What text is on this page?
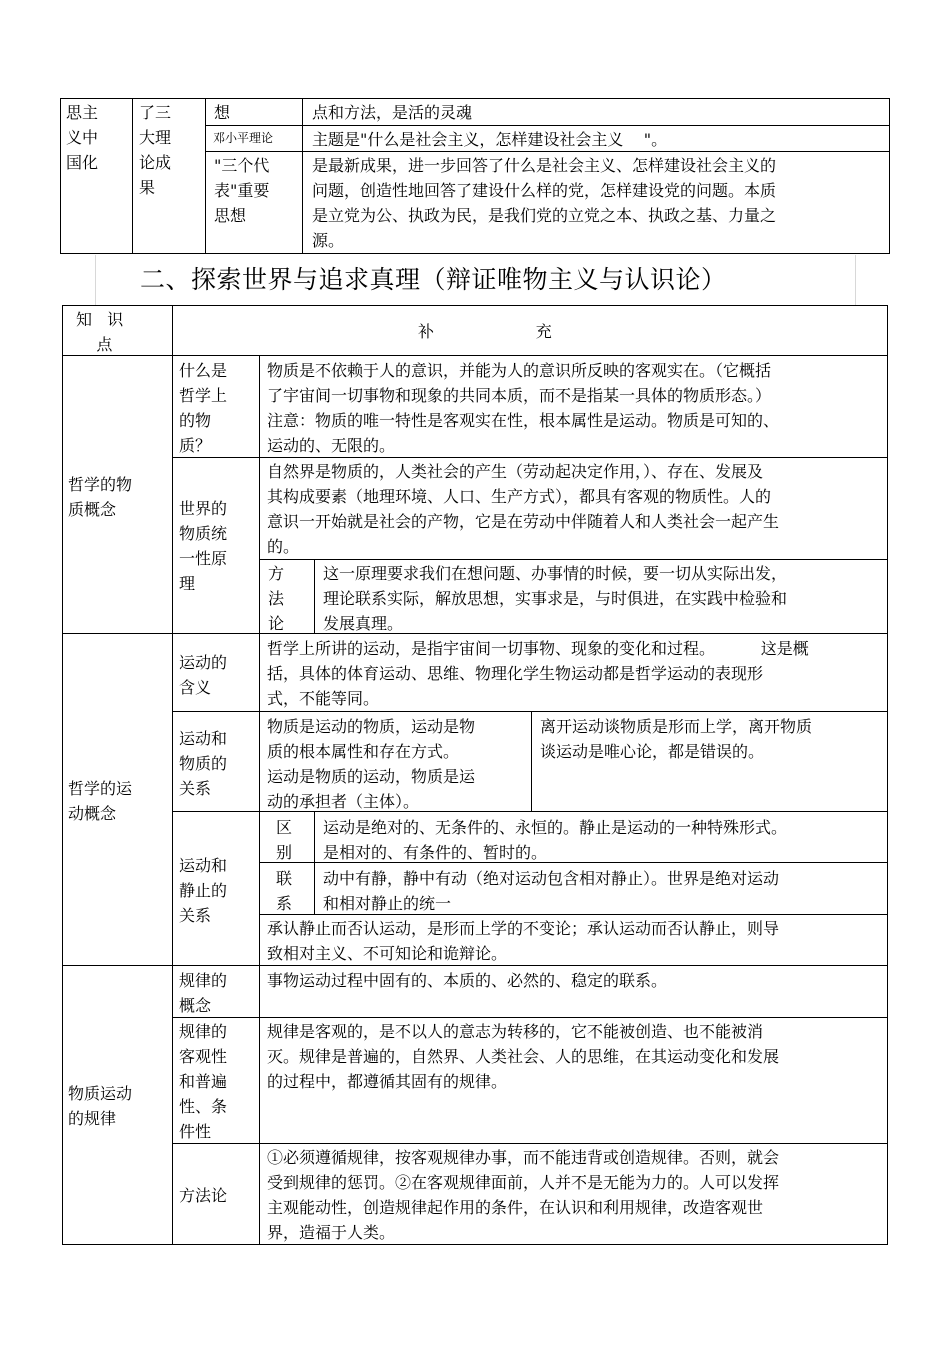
思主
义中
国化
了三
大理
论成
果
想	点和方法，是活的灵魂
邓小平理论 主题是"什么是社会主义，怎样建设社会主义    "。
"三个代
表"重要
思想
是最新成果，进一步回答了什么是社会主义、怎样建设社会主义的
问题，创造性地回答了建设什么样的党，怎样建设党的问题。本质
是立党为公、执政为民，是我们党的立党之本、执政之基、力量之
源。
二、探索世界与追求真理（辩证唯物主义与认识论）
知   识
点
补                    充
哲学的物
质概念
什么是
哲学上
的物
质？
物质是不依赖于人的意识，并能为人的意识所反映的客观实在。（它概括
了宇宙间一切事物和现象的共同本质，而不是指某一具体的物质形态。）
注意：物质的唯一特性是客观实在性，根本属性是运动。物质是可知的、
运动的、无限的。
世界的
物质统
一性原
理
自然界是物质的，人类社会的产生（劳动起决定作用，）、存在、发展及
其构成要素（地理环境、人口、生产方式），都具有客观的物质性。人的
意识一开始就是社会的产物，它是在劳动中伴随着人和人类社会一起产生
的。
方
法
论
这一原理要求我们在想问题、办事情的时候，要一切从实际出发，
理论联系实际，解放思想，实事求是，与时俱进，在实践中检验和
发展真理。
哲学的运
动概念
运动的
含义
哲学上所讲的运动，是指宇宙间一切事物、现象的变化和过程。         这是概
括，具体的体育运动、思维、物理化学生物运动都是哲学运动的表现形
式，不能等同。
运动和
物质的
关系
物质是运动的物质，运动是物
质的根本属性和存在方式。
运动是物质的运动，物质是运
动的承担者（主体）。
离开运动谈物质是形而上学，离开物质
谈运动是唯心论，都是错误的。
运动和
静止的
关系
区
别
运动是绝对的、无条件的、永恒的。静止是运动的一种特殊形式。
是相对的、有条件的、暂时的。
联
系
动中有静，静中有动（绝对运动包含相对静止）。世界是绝对运动
和相对静止的统一
承认静止而否认运动，是形而上学的不变论；承认运动而否认静止，则导
致相对主义、不可知论和诡辩论。
物质运动
的规律
规律的
概念
事物运动过程中固有的、本质的、必然的、稳定的联系。
规律的
客观性
和普遍
性、条
件性
规律是客观的，是不以人的意志为转移的，它不能被创造、也不能被消
灭。规律是普遍的，自然界、人类社会、人的思维，在其运动变化和发展
的过程中，都遵循其固有的规律。
方法论
①必须遵循规律，按客观规律办事，而不能违背或创造规律。否则，就会
受到规律的惩罚。②在客观规律面前，人并不是无能为力的。人可以发挥
主观能动性，创造规律起作用的条件，在认识和利用规律，改造客观世
界，造福于人类。
